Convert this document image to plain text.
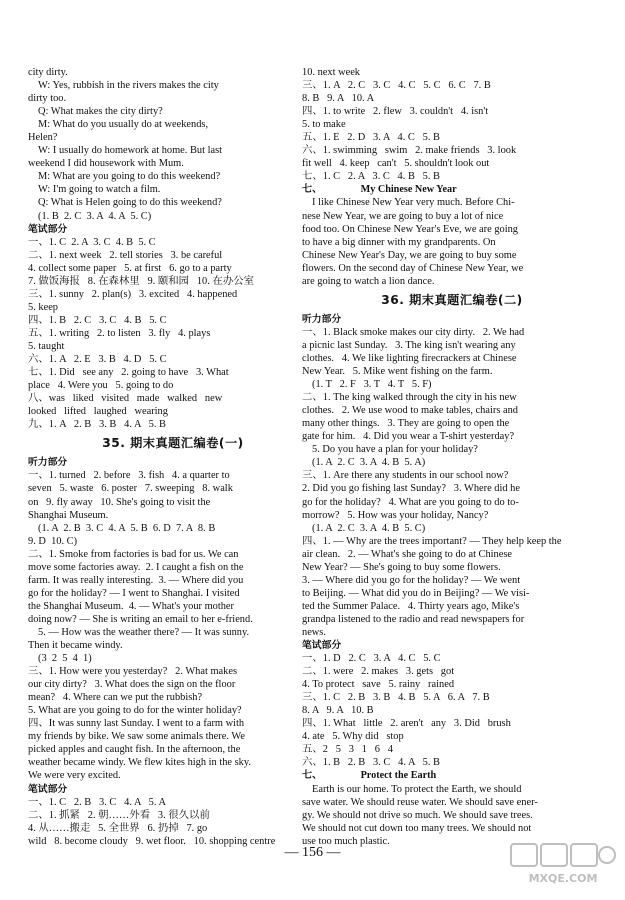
city dirty.
W: Yes, rubbish in the rivers makes the city
dirty too.
Q: What makes the city dirty?
M: What do you usually do at weekends,
Helen?
W: I usually do homework at home. But last
weekend I did housework with Mum.
M: What are you going to do this weekend?
W: I'm going to watch a film.
Q: What is Helen going to do this weekend?
(1. B  2. C  3. A  4. A  5. C)
笔试部分
一、1. C  2. A  3. C  4. B  5. C
二、1. next week   2. tell stories   3. be careful
4. collect some paper   5. at first   6. go to a party
7. 做饭海报   8. 在森林里   9. 颐和园   10. 在办公室
三、1. sunny   2. plan(s)   3. excited   4. happened
5. keep
四、1. B   2. C   3. C   4. B   5. C
五、1. writing   2. to listen   3. fly   4. plays
5. taught
六、1. A   2. E   3. B   4. D   5. C
七、1. Did   see any   2. going to have   3. What
place   4. Were you   5. going to do
八、was   liked   visited   made   walked   new
looked   lifted   laughed   wearing
九、1. A   2. B   3. B   4. A   5. B
35. 期末真题汇编卷(一)
听力部分
一、1. turned   2. before   3. fish   4. a quarter to
seven   5. waste   6. poster   7. sweeping   8. walk
on   9. fly away   10. She's going to visit the
Shanghai Museum.
(1. A  2. B  3. C  4. A  5. B  6. D  7. A  8. B
9. D  10. C)
二、1. Smoke from factories is bad for us. We can
move some factories away.  2. I caught a fish on the
farm. It was really interesting.  3. — Where did you
go for the holiday? — I went to Shanghai. I visited
the Shanghai Museum.  4. — What's your mother
doing now? — She is writing an email to her e-friend.
5. — How was the weather there? — It was sunny.
Then it became windy.
(3  2  5  4  1)
三、1. How were you yesterday?   2. What makes
our city dirty?   3. What does the sign on the floor
mean?   4. Where can we put the rubbish?
5. What are you going to do for the winter holiday?
四、It was sunny last Sunday. I went to a farm with
my friends by bike. We saw some animals there. We
picked apples and caught fish. In the afternoon, the
weather became windy. We flew kites high in the sky.
We were very excited.
笔试部分
一、1. C   2. B   3. C   4. A   5. A
二、1. 抓紧   2. 朝……外看   3. 很久以前
4. 从……搬走   5. 全世界   6. 扔掉   7. go
wild   8. become cloudy   9. wet floor.   10. shopping centre
10. next week
三、1. A   2. C   3. C   4. C   5. C   6. C   7. B
8. B   9. A   10. A
四、1. to write   2. flew   3. couldn't   4. isn't
5. to make
五、1. E   2. D   3. A   4. C   5. B
六、1. swimming   swim   2. make friends   3. look
fit well   4. keep   can't   5. shouldn't look out
七、1. C   2. A   3. C   4. B   5. B
七、               My Chinese New Year
I like Chinese New Year very much. Before Chi-
nese New Year, we are going to buy a lot of nice
food too. On Chinese New Year's Eve, we are going
to have a big dinner with my grandparents. On
Chinese New Year's Day, we are going to buy some
flowers. On the second day of Chinese New Year, we
are going to watch a lion dance.
36. 期末真题汇编卷(二)
听力部分
一、1. Black smoke makes our city dirty.   2. We had
a picnic last Sunday.   3. The king isn't wearing any
clothes.   4. We like lighting firecrackers at Chinese
New Year.   5. Mike went fishing on the farm.
(1. T   2. F   3. T   4. T   5. F)
二、1. The king walked through the city in his new
clothes.   2. We use wood to make tables, chairs and
many other things.   3. They are going to open the
gate for him.   4. Did you wear a T-shirt yesterday?
5. Do you have a plan for your holiday?
(1. A  2. C  3. A  4. B  5. A)
三、1. Are there any students in our school now?
2. Did you go fishing last Sunday?   3. Where did he
go for the holiday?   4. What are you going to do to-
morrow?   5. How was your holiday, Nancy?
(1. A  2. C  3. A  4. B  5. C)
四、1. — Why are the trees important? — They help keep the
air clean.   2. — What's she going to do at Chinese
New Year? — She's going to buy some flowers.
3. — Where did you go for the holiday? — We went
to Beijing. — What did you do in Beijing? — We visi-
ted the Summer Palace.   4. Thirty years ago, Mike's
grandpa listened to the radio and read newspapers for
news.
笔试部分
一、1. D   2. C   3. A   4. C   5. C
二、1. were   2. makes   3. gets   got
4. To protect   save   5. rainy   rained
三、1. C   2. B   3. B   4. B   5. A   6. A   7. B
8. A   9. A   10. B
四、1. What   little   2. aren't   any   3. Did   brush
4. ate   5. Why did   stop
五、2   5   3   1   6   4
六、1. B   2. B   3. C   4. A   5. B
七、               Protect the Earth
Earth is our home. To protect the Earth, we should
save water. We should reuse water. We should save ener-
gy. We should not drive so much. We should save trees.
We should not cut down too many trees. We should not
use too much plastic.
— 156 —
MXQE.COM
